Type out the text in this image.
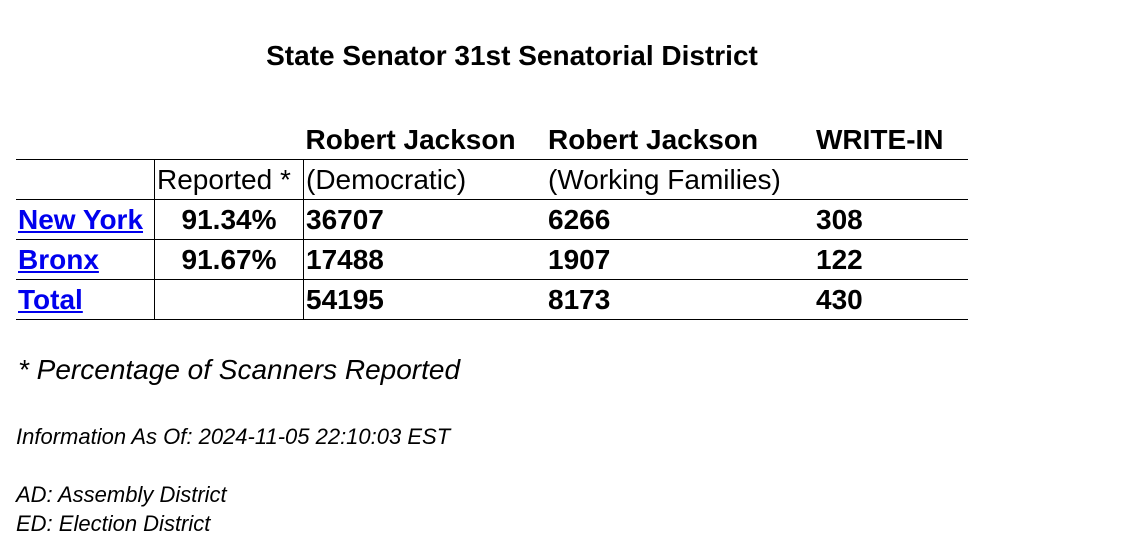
State Senator 31st Senatorial District
		Robert Jackson	Robert Jackson	WRITE-IN
	Reported *	(Democratic)	(Working Families)	
New York	91.34%	36707	6266	308
Bronx	91.67%	17488	1907	122
Total		54195	8173	430

* Percentage of Scanners Reported

Information As Of: 2024-11-05 22:10:03 EST

AD: Assembly District

ED: Election District
